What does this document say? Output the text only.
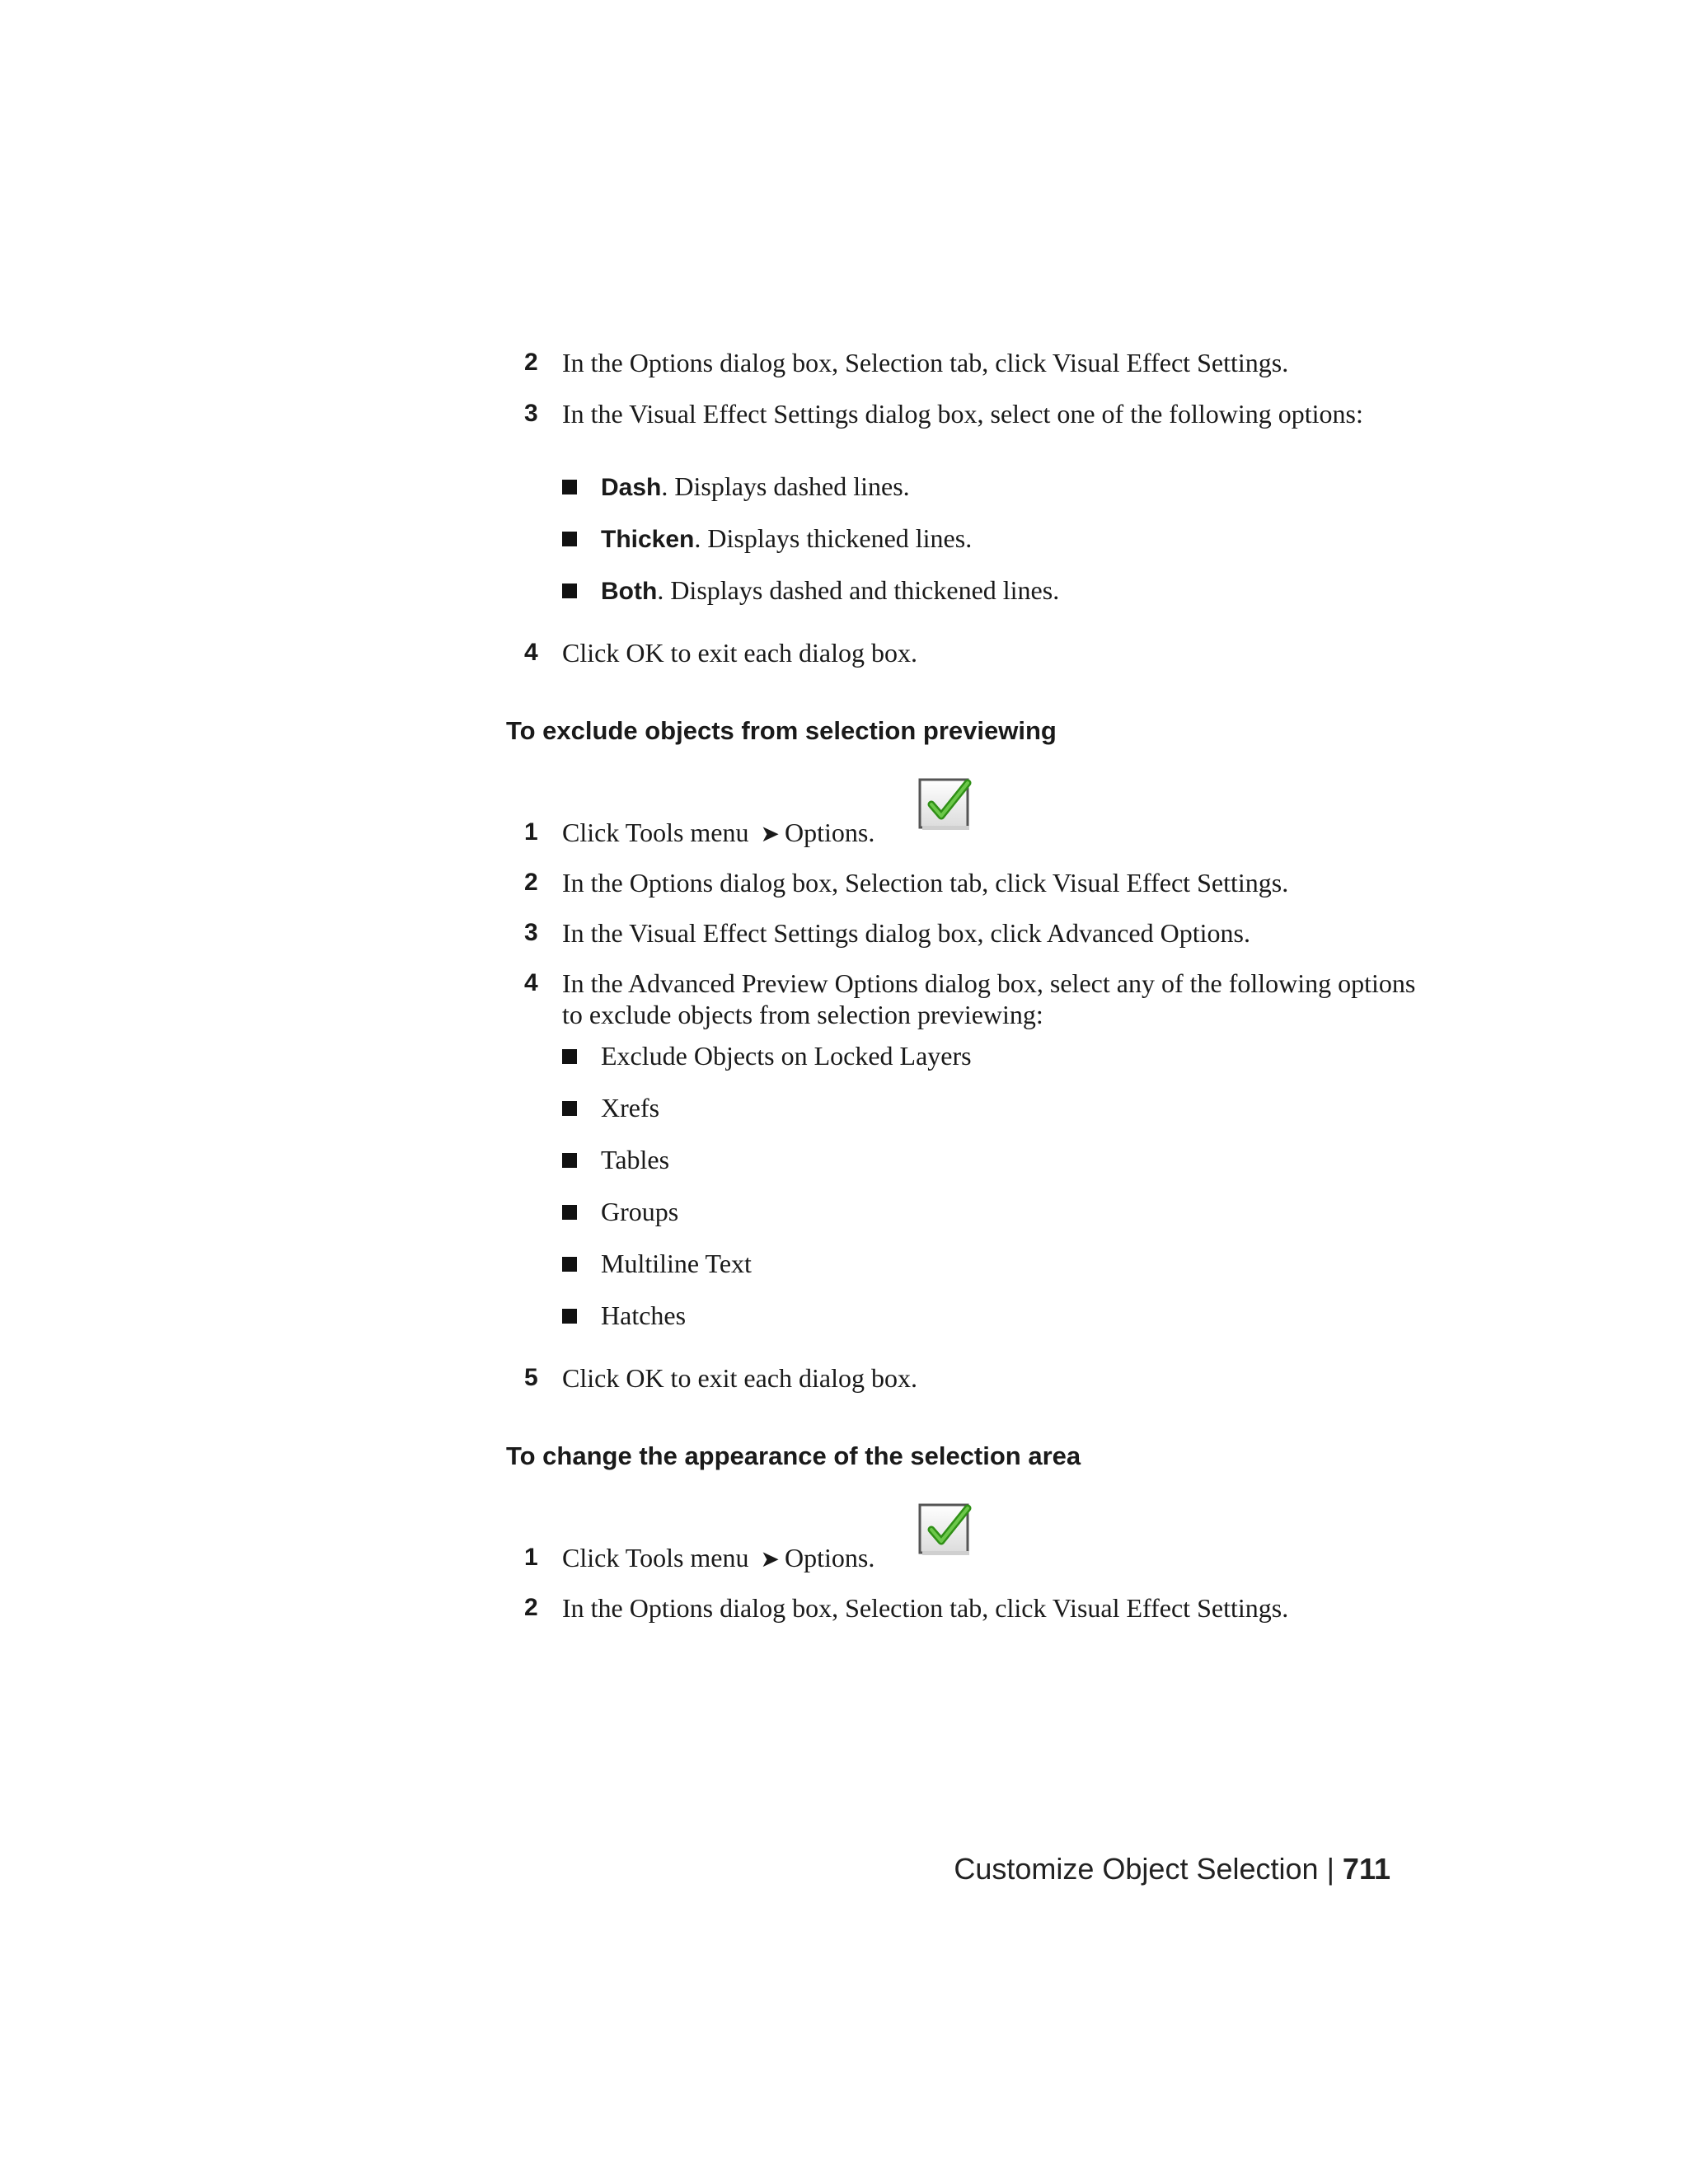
2 In the Options dialog box, Selection tab, click Visual Effect Settings.
3 In the Visual Effect Settings dialog box, select one of the following options:
Dash. Displays dashed lines.
Thicken. Displays thickened lines.
Both. Displays dashed and thickened lines.
4 Click OK to exit each dialog box.
To exclude objects from selection previewing
1 Click Tools menu ➤ Options.
2 In the Options dialog box, Selection tab, click Visual Effect Settings.
3 In the Visual Effect Settings dialog box, click Advanced Options.
4 In the Advanced Preview Options dialog box, select any of the following options to exclude objects from selection previewing:
Exclude Objects on Locked Layers
Xrefs
Tables
Groups
Multiline Text
Hatches
5 Click OK to exit each dialog box.
To change the appearance of the selection area
1 Click Tools menu ➤ Options.
2 In the Options dialog box, Selection tab, click Visual Effect Settings.
Customize Object Selection | 711
